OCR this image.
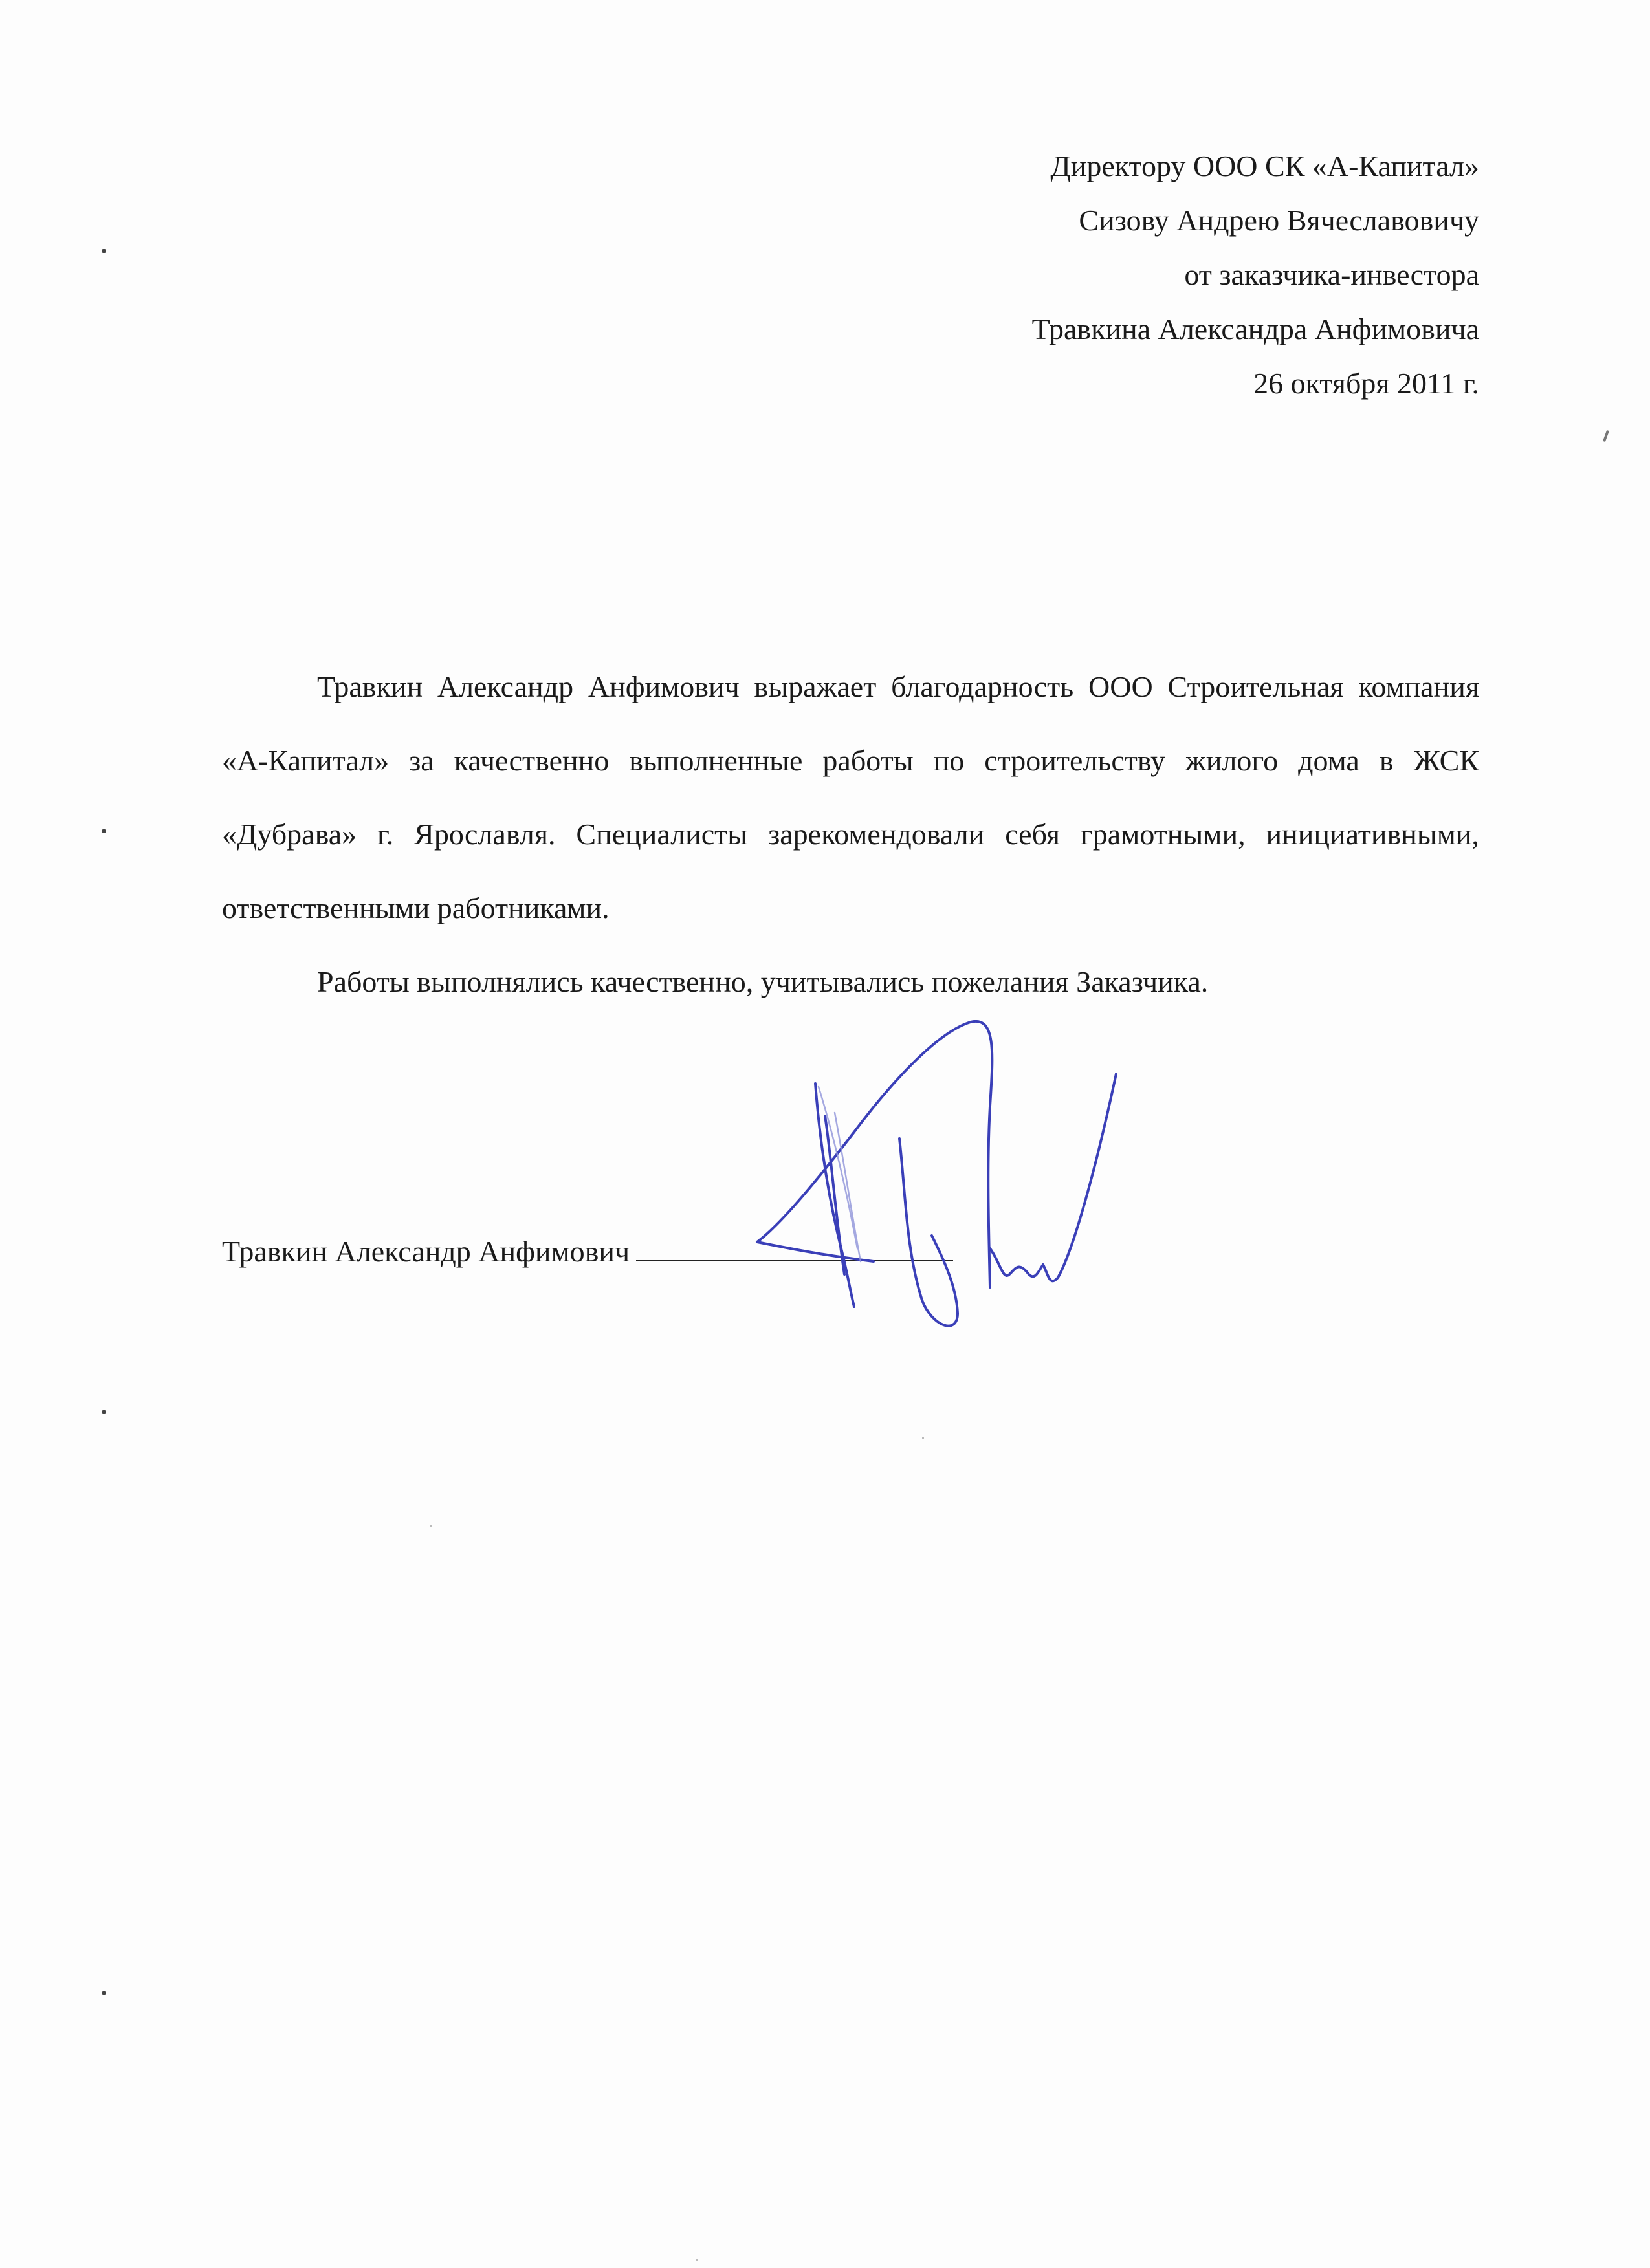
Директору ООО СК «А-Капитал»
Сизову Андрею Вячеславовичу
от заказчика-инвестора
Травкина Александра Анфимовича
26 октября 2011 г.

Травкин Александр Анфимович выражает благодарность ООО Строительная компания «А-Капитал» за качественно выполненные работы по строительству жилого дома в ЖСК «Дубрава» г. Ярославля. Специалисты зарекомендовали себя грамотными, инициативными, ответственными работниками.

Работы выполнялись качественно, учитывались пожелания Заказчика.

Травкин Александр Анфимович
